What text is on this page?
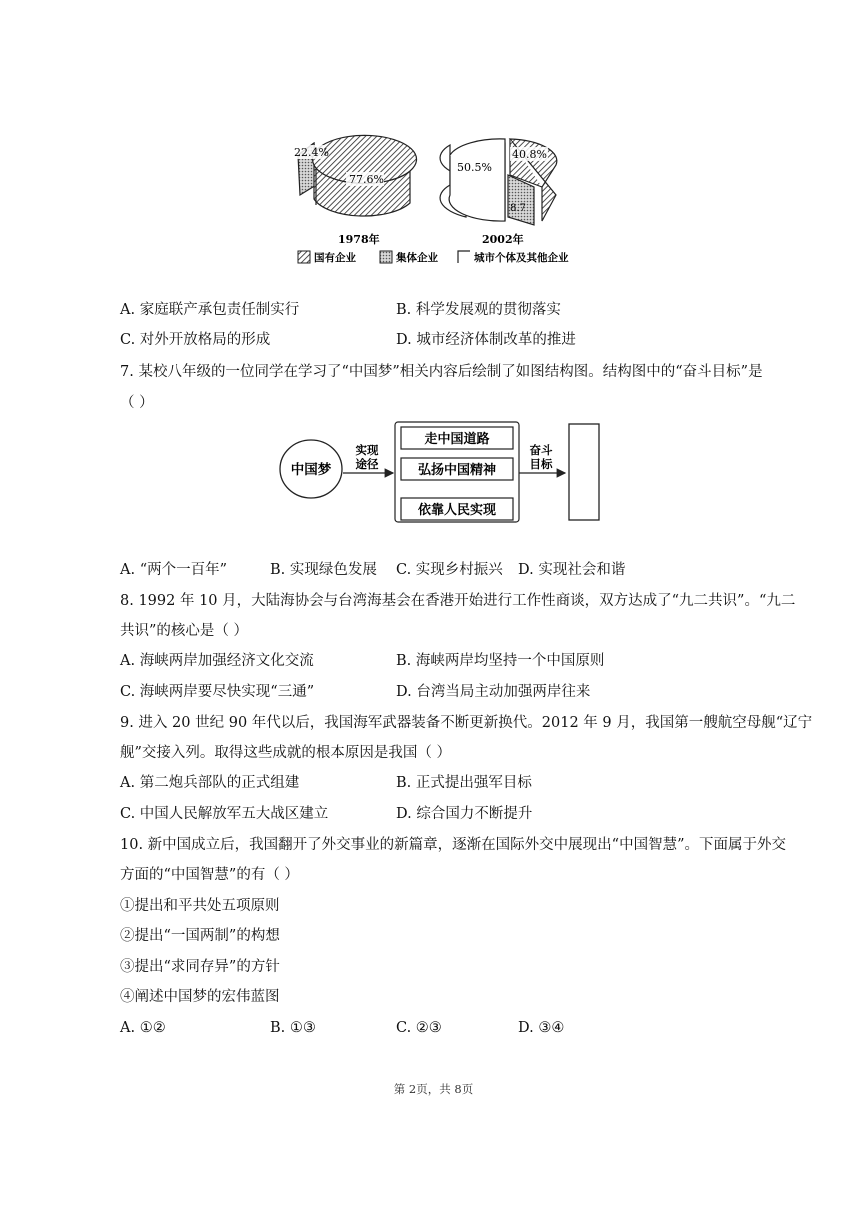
22.4%
77.6%
1978年
50.5%
40.8%
8.7
2002年
国有企业	集体企业	城市个体及其他企业
A. 家庭联产承包责任制实行	B. 科学发展观的贯彻落实
C. 对外开放格局的形成	D. 城市经济体制改革的推进
7. 某校八年级的一位同学在学习了“中国梦”相关内容后绘制了如图结构图。结构图中的“奋斗目标”是
（ ）
中国梦
实现
途径
走中国道路
弘扬中国精神
依靠人民实现
奋斗
目标
A. “两个一百年”	B. 实现绿色发展 C. 实现乡村振兴 D. 实现社会和谐
8. 1992 年 10 月，大陆海协会与台湾海基会在香港开始进行工作性商谈，双方达成了“九二共识”。“九二
共识”的核心是（ ）
A. 海峡两岸加强经济文化交流	B. 海峡两岸均坚持一个中国原则
C. 海峡两岸要尽快实现“三通”	D. 台湾当局主动加强两岸往来
9. 进入 20 世纪 90 年代以后，我国海军武器装备不断更新换代。2012 年 9 月，我国第一艘航空母舰“辽宁
舰”交接入列。取得这些成就的根本原因是我国（ ）
A. 第二炮兵部队的正式组建	B. 正式提出强军目标
C. 中国人民解放军五大战区建立	D. 综合国力不断提升
10. 新中国成立后，我国翻开了外交事业的新篇章，逐渐在国际外交中展现出“中国智慧”。下面属于外交
方面的“中国智慧”的有（ ）
①提出和平共处五项原则
②提出“一国两制”的构想
③提出“求同存异”的方针
④阐述中国梦的宏伟蓝图
A. ①②	B. ①③	C. ②③	D. ③④
第 2页，共 8页
